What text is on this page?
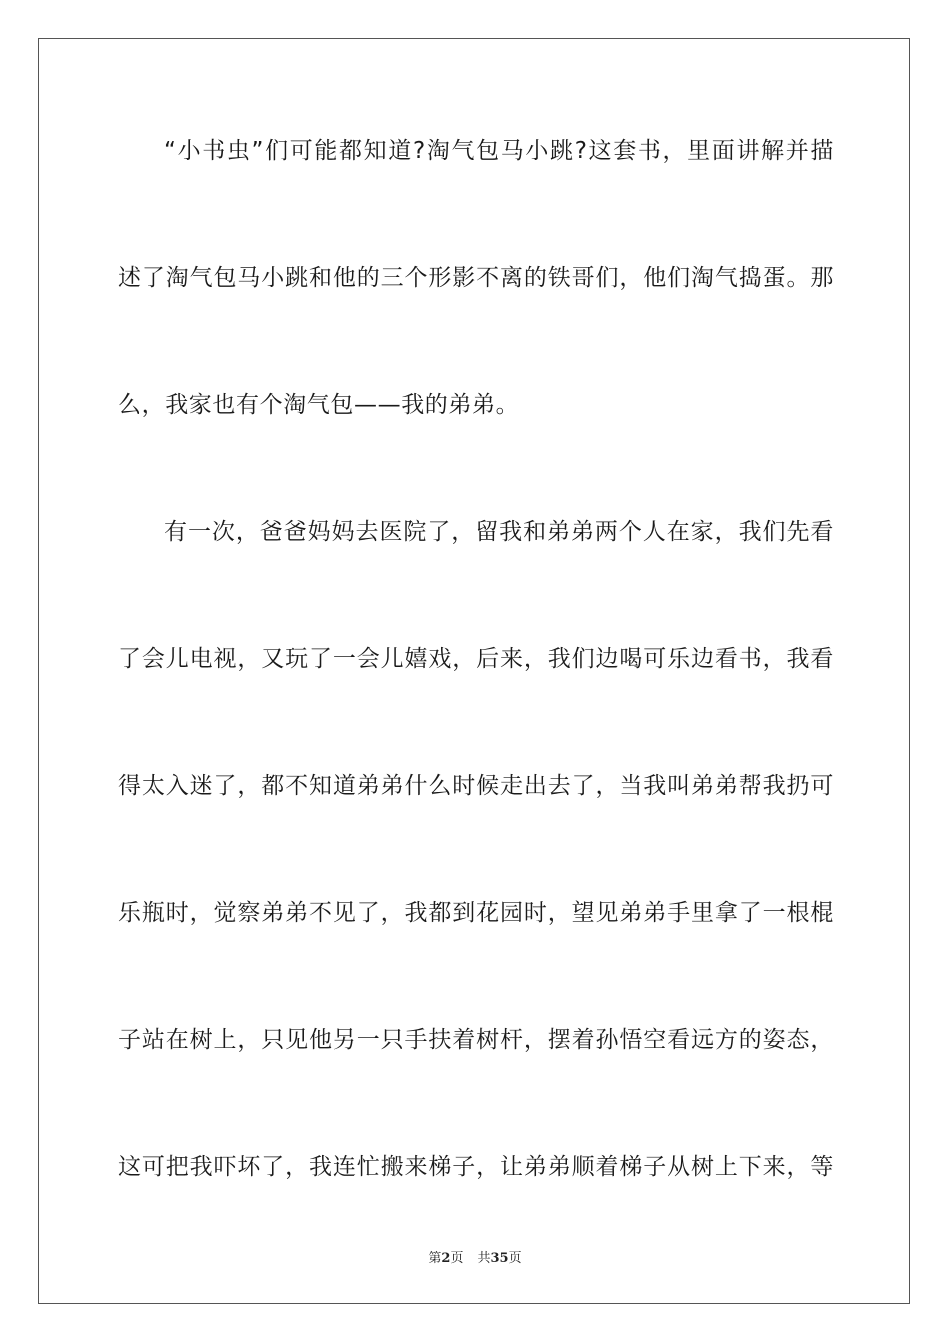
“小书虫”们可能都知道?淘气包马小跳?这套书，里面讲解并描
述了淘气包马小跳和他的三个形影不离的铁哥们，他们淘气捣蛋。那
么，我家也有个淘气包——我的弟弟。
有一次，爸爸妈妈去医院了，留我和弟弟两个人在家，我们先看
了会儿电视，又玩了一会儿嬉戏，后来，我们边喝可乐边看书，我看
得太入迷了，都不知道弟弟什么时候走出去了，当我叫弟弟帮我扔可
乐瓶时，觉察弟弟不见了，我都到花园时，望见弟弟手里拿了一根棍
子站在树上，只见他另一只手扶着树杆，摆着孙悟空看远方的姿态，
这可把我吓坏了，我连忙搬来梯子，让弟弟顺着梯子从树上下来，等
第2页 共35页
